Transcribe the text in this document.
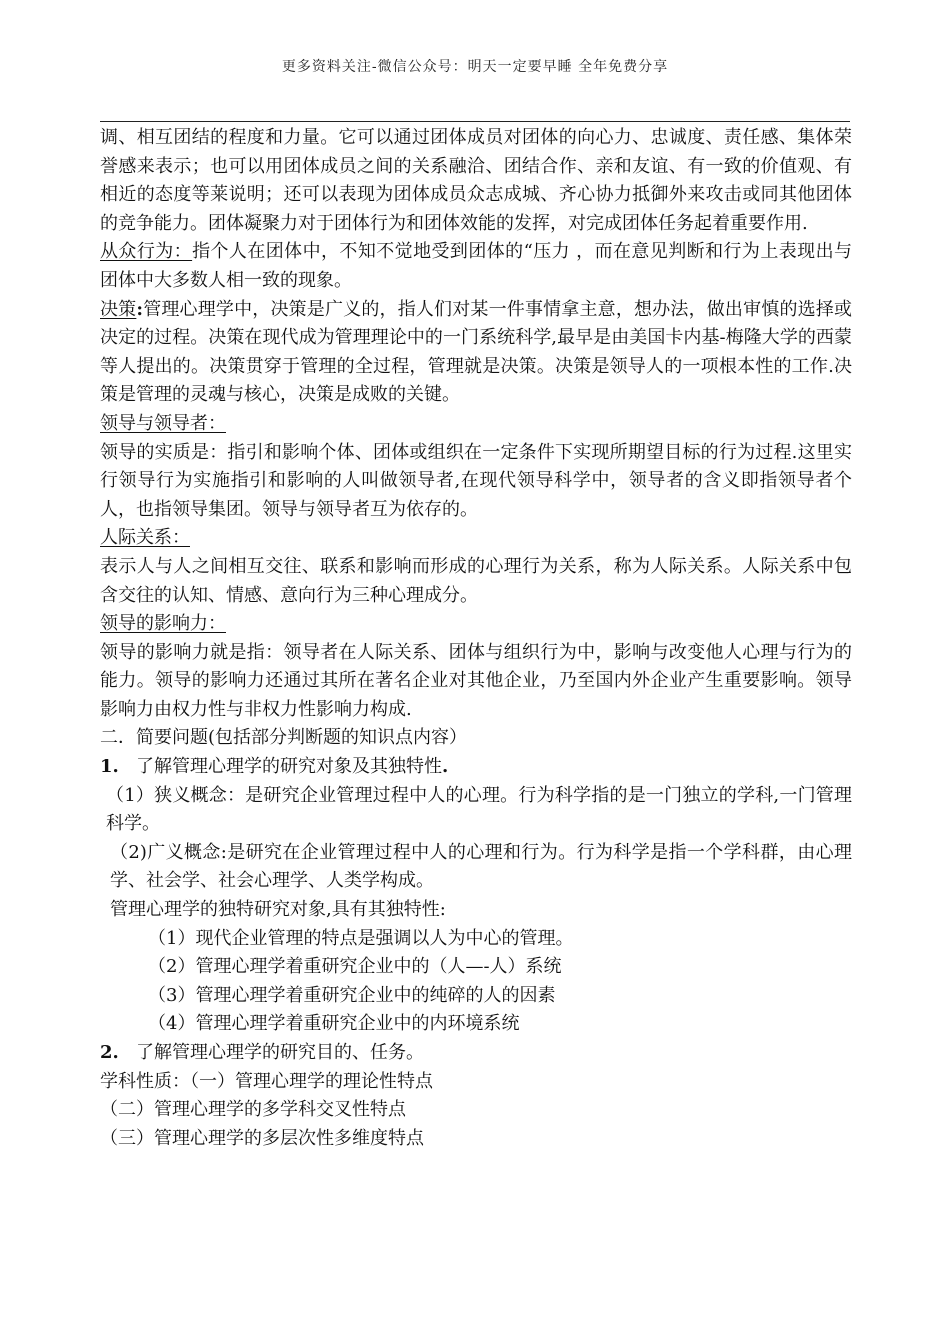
更多资料关注-微信公众号：明天一定要早睡 全年免费分享

调、相互团结的程度和力量。它可以通过团体成员对团体的向心力、忠诚度、责任感、集体荣誉感来表示；也可以用团体成员之间的关系融洽、团结合作、亲和友谊、有一致的价值观、有相近的态度等莱说明；还可以表现为团体成员众志成城、齐心协力抵御外来攻击或同其他团体的竞争能力。团体凝聚力对于团体行为和团体效能的发挥，对完成团体任务起着重要作用.

从众行为：指个人在团体中，不知不觉地受到团体的“压力 ，而在意见判断和行为上表现出与团体中大多数人相一致的现象。

决策:管理心理学中，决策是广义的，指人们对某一件事情拿主意，想办法，做出审慎的选择或决定的过程。决策在现代成为管理理论中的一门系统科学,最早是由美国卡内基-梅隆大学的西蒙等人提出的。决策贯穿于管理的全过程，管理就是决策。决策是领导人的一项根本性的工作.决策是管理的灵魂与核心，决策是成败的关键。

领导与领导者：

领导的实质是：指引和影响个体、团体或组织在一定条件下实现所期望目标的行为过程.这里实行领导行为实施指引和影响的人叫做领导者,在现代领导科学中，领导者的含义即指领导者个人，也指领导集团。领导与领导者互为依存的。

人际关系：

表示人与人之间相互交往、联系和影响而形成的心理行为关系，称为人际关系。人际关系中包含交往的认知、情感、意向行为三种心理成分。

领导的影响力：

领导的影响力就是指：领导者在人际关系、团体与组织行为中，影响与改变他人心理与行为的能力。领导的影响力还通过其所在著名企业对其他企业，乃至国内外企业产生重要影响。领导影响力由权力性与非权力性影响力构成.

二．简要问题(包括部分判断题的知识点内容）

1. 了解管理心理学的研究对象及其独特性.

（1）狭义概念：是研究企业管理过程中人的心理。行为科学指的是一门独立的学科,一门管理科学。

（2)广义概念:是研究在企业管理过程中人的心理和行为。行为科学是指一个学科群，由心理学、社会学、社会心理学、人类学构成。

管理心理学的独特研究对象,具有其独特性:

（1）现代企业管理的特点是强调以人为中心的管理。

（2）管理心理学着重研究企业中的（人—-人）系统

（3）管理心理学着重研究企业中的纯碎的人的因素

（4）管理心理学着重研究企业中的内环境系统

2. 了解管理心理学的研究目的、任务。

学科性质：（一）管理心理学的理论性特点

（二）管理心理学的多学科交叉性特点

（三）管理心理学的多层次性多维度特点
